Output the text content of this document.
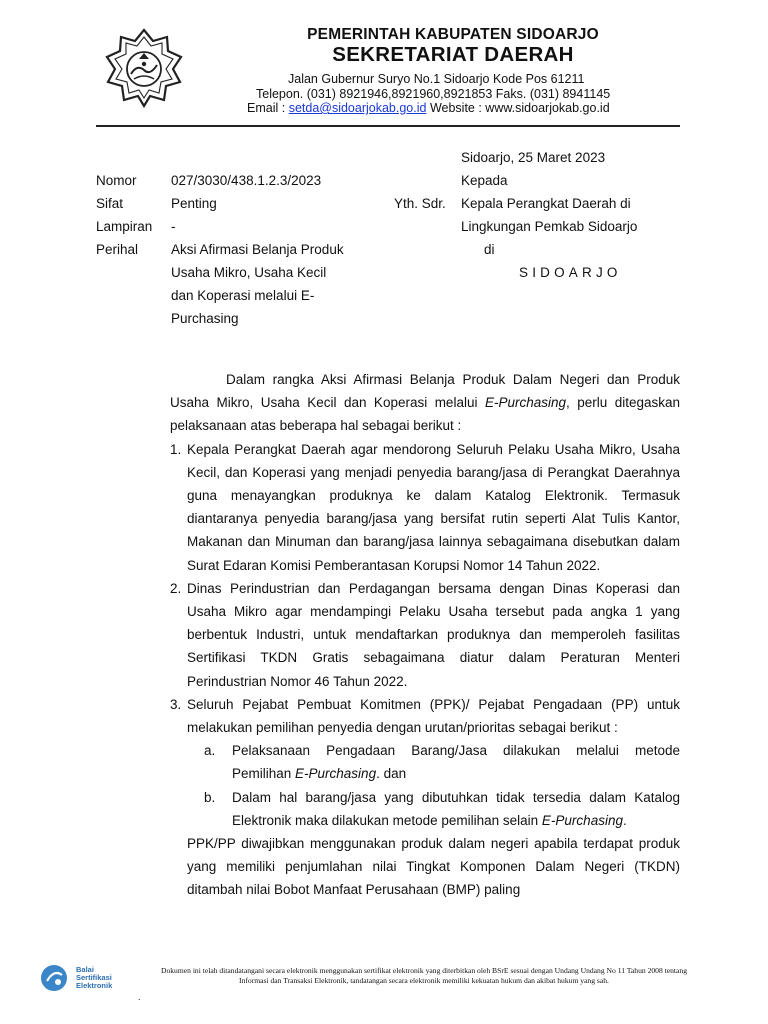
PEMERINTAH KABUPATEN SIDOARJO
SEKRETARIAT DAERAH
Jalan Gubernur Suryo No.1 Sidoarjo Kode Pos 61211
Telepon. (031) 8921946,8921960,8921853 Faks. (031) 8941145
Email : setda@sidoarjokab.go.id Website : www.sidoarjokab.go.id
Nomor	027/3030/438.1.2.3/2023
Sifat	Penting
Lampiran -
Perihal Aksi Afirmasi Belanja Produk
Usaha Mikro, Usaha Kecil
dan Koperasi melalui E-
Purchasing
Sidoarjo, 25 Maret 2023
Kepada
Yth. Sdr. Kepala Perangkat Daerah di
Lingkungan Pemkab Sidoarjo
di
SIDOARJO

Dalam rangka Aksi Afirmasi Belanja Produk Dalam Negeri dan Produk Usaha Mikro, Usaha Kecil dan Koperasi melalui E-Purchasing, perlu ditegaskan pelaksanaan atas beberapa hal sebagai berikut :

1. Kepala Perangkat Daerah agar mendorong Seluruh Pelaku Usaha Mikro, Usaha Kecil, dan Koperasi yang menjadi penyedia barang/jasa di Perangkat Daerahnya guna menayangkan produknya ke dalam Katalog Elektronik. Termasuk diantaranya penyedia barang/jasa yang bersifat rutin seperti Alat Tulis Kantor, Makanan dan Minuman dan barang/jasa lainnya sebagaimana disebutkan dalam Surat Edaran Komisi Pemberantasan Korupsi Nomor 14 Tahun 2022.
2. Dinas Perindustrian dan Perdagangan bersama dengan Dinas Koperasi dan Usaha Mikro agar mendampingi Pelaku Usaha tersebut pada angka 1 yang berbentuk Industri, untuk mendaftarkan produknya dan memperoleh fasilitas Sertifikasi TKDN Gratis sebagaimana diatur dalam Peraturan Menteri Perindustrian Nomor 46 Tahun 2022.
3. Seluruh Pejabat Pembuat Komitmen (PPK)/ Pejabat Pengadaan (PP) untuk melakukan pemilihan penyedia dengan urutan/prioritas sebagai berikut :
a. Pelaksanaan Pengadaan Barang/Jasa dilakukan melalui metode Pemilihan E-Purchasing. dan
b. Dalam hal barang/jasa yang dibutuhkan tidak tersedia dalam Katalog Elektronik maka dilakukan metode pemilihan selain E-Purchasing.
PPK/PP diwajibkan menggunakan produk dalam negeri apabila terdapat produk yang memiliki penjumlahan nilai Tingkat Komponen Dalam Negeri (TKDN) ditambah nilai Bobot Manfaat Perusahaan (BMP) paling
Balai
Sertifikasi
Elektronik
Dokumen ini telah ditandatangani secara elektronik menggunakan sertifikat elektronik yang diterbitkan oleh BSrE sesuai dengan Undang Undang No 11 Tahun 2008 tentang Informasi dan Transaksi Elektronik, tandatangan secara elektronik memiliki kekuatan hukum dan akibat hukum yang sah.
.
